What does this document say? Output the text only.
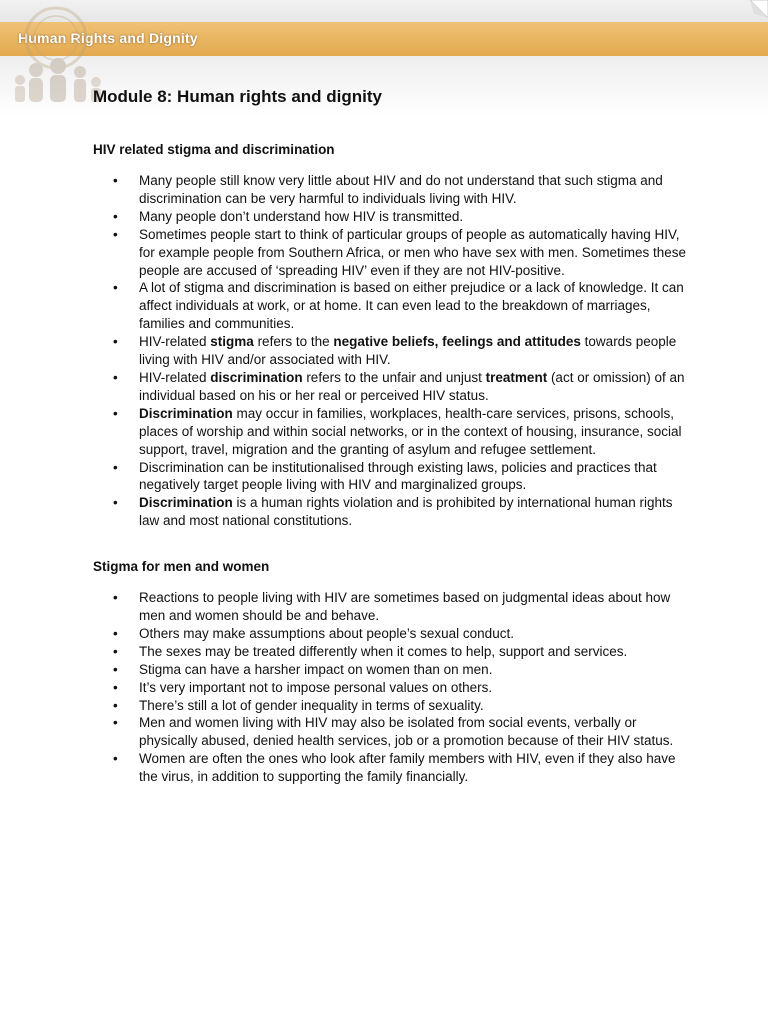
Human Rights and Dignity
Module 8: Human rights and dignity
HIV related stigma and discrimination
• Many people still know very little about HIV and do not understand that such stigma and discrimination can be very harmful to individuals living with HIV.
• Many people don’t understand how HIV is transmitted.
• Sometimes people start to think of particular groups of people as automatically having HIV, for example people from Southern Africa, or men who have sex with men. Sometimes these people are accused of ‘spreading HIV’ even if they are not HIV-positive.
• A lot of stigma and discrimination is based on either prejudice or a lack of knowledge. It can affect individuals at work, or at home. It can even lead to the breakdown of marriages, families and communities.
• HIV-related stigma refers to the negative beliefs, feelings and attitudes towards people living with HIV and/or associated with HIV.
• HIV-related discrimination refers to the unfair and unjust treatment (act or omission) of an individual based on his or her real or perceived HIV status.
• Discrimination may occur in families, workplaces, health-care services, prisons, schools, places of worship and within social networks, or in the context of housing, insurance, social support, travel, migration and the granting of asylum and refugee settlement.
• Discrimination can be institutionalised through existing laws, policies and practices that negatively target people living with HIV and marginalized groups.
• Discrimination is a human rights violation and is prohibited by international human rights law and most national constitutions.
Stigma for men and women
• Reactions to people living with HIV are sometimes based on judgmental ideas about how men and women should be and behave.
• Others may make assumptions about people’s sexual conduct.
• The sexes may be treated differently when it comes to help, support and services.
• Stigma can have a harsher impact on women than on men.
• It’s very important not to impose personal values on others.
• There’s still a lot of gender inequality in terms of sexuality.
• Men and women living with HIV may also be isolated from social events, verbally or physically abused, denied health services, job or a promotion because of their HIV status.
• Women are often the ones who look after family members with HIV, even if they also have the virus, in addition to supporting the family financially.
